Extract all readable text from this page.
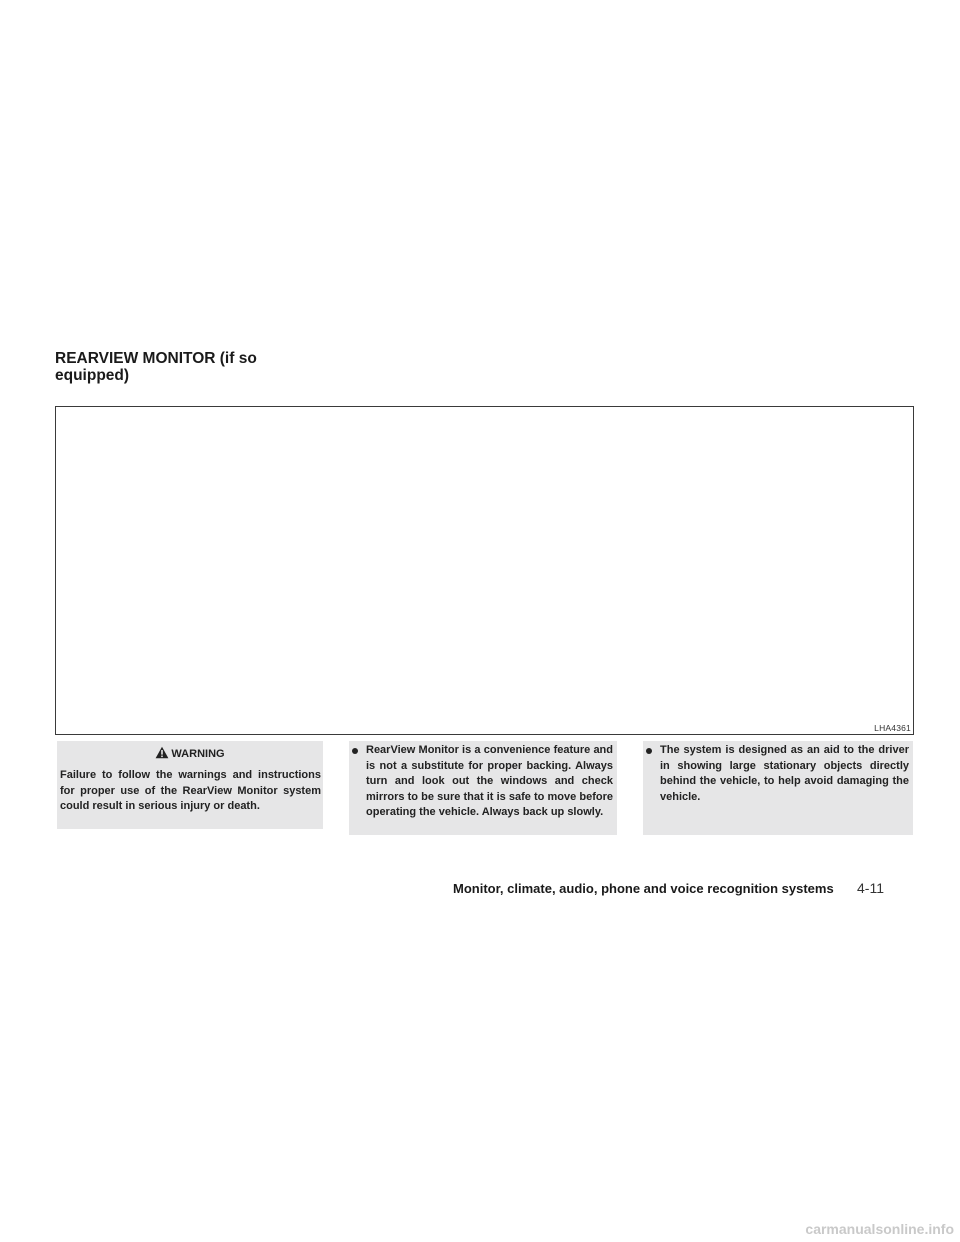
REARVIEW MONITOR (if so equipped)
LHA4361
WARNING
Failure to follow the warnings and instructions for proper use of the RearView Monitor system could result in serious injury or death.
RearView Monitor is a convenience feature and is not a substitute for proper backing. Always turn and look out the windows and check mirrors to be sure that it is safe to move before operating the vehicle. Always back up slowly.
The system is designed as an aid to the driver in showing large stationary objects directly behind the vehicle, to help avoid damaging the vehicle.
Monitor, climate, audio, phone and voice recognition systems 4-11
carmanualsonline.info
